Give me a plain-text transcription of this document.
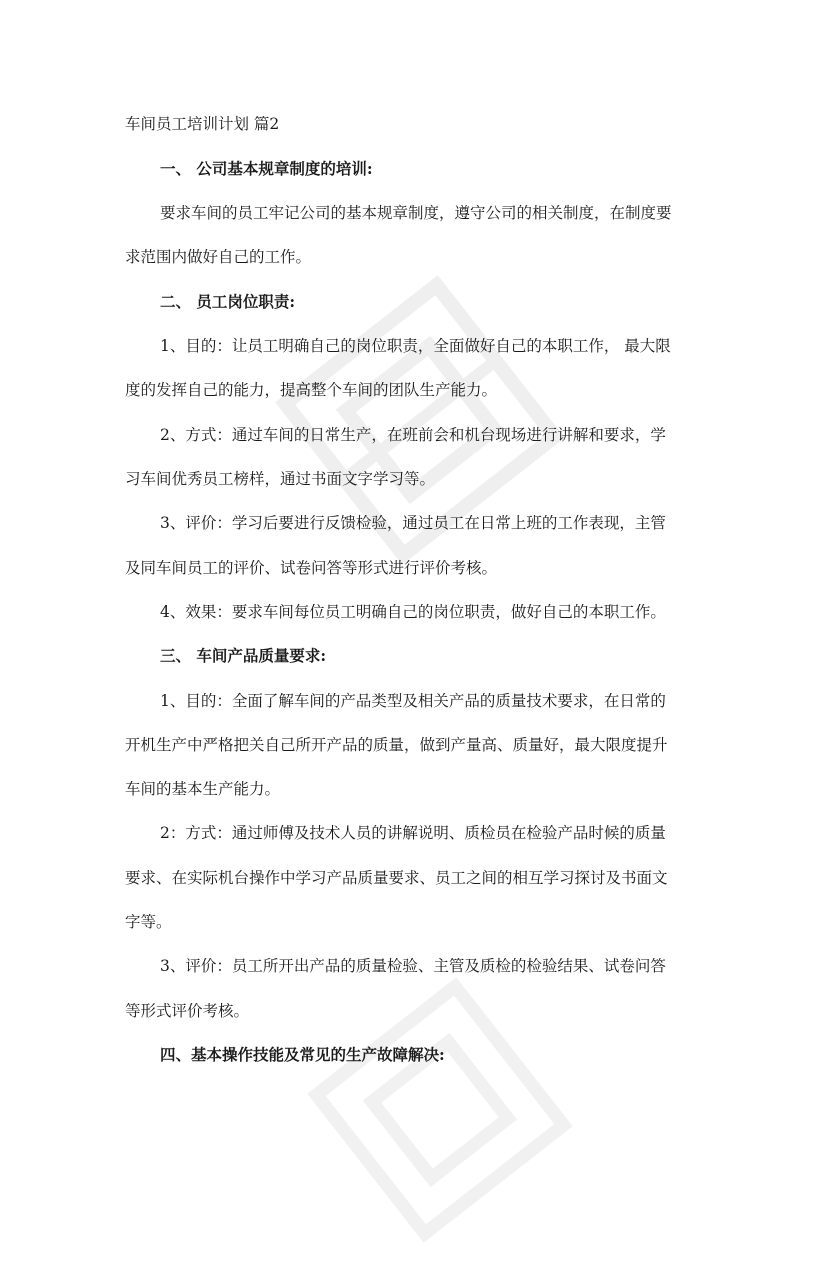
车间员工培训计划 篇2

一、 公司基本规章制度的培训:

要求车间的员工牢记公司的基本规章制度，遵守公司的相关制度，在制度要

求范围内做好自己的工作。

二、 员工岗位职责:

1、目的：让员工明确自己的岗位职责，全面做好自己的本职工作， 最大限

度的发挥自己的能力，提高整个车间的团队生产能力。

2、方式：通过车间的日常生产，在班前会和机台现场进行讲解和要求，学

习车间优秀员工榜样，通过书面文字学习等。

3、评价：学习后要进行反馈检验，通过员工在日常上班的工作表现，主管

及同车间员工的评价、试卷问答等形式进行评价考核。

4、效果：要求车间每位员工明确自己的岗位职责，做好自己的本职工作。

三、 车间产品质量要求:

1、目的：全面了解车间的产品类型及相关产品的质量技术要求，在日常的

开机生产中严格把关自己所开产品的质量，做到产量高、质量好，最大限度提升

车间的基本生产能力。

2：方式：通过师傅及技术人员的讲解说明、质检员在检验产品时候的质量

要求、在实际机台操作中学习产品质量要求、员工之间的相互学习探讨及书面文

字等。

3、评价：员工所开出产品的质量检验、主管及质检的检验结果、试卷问答

等形式评价考核。

四、基本操作技能及常见的生产故障解决:
